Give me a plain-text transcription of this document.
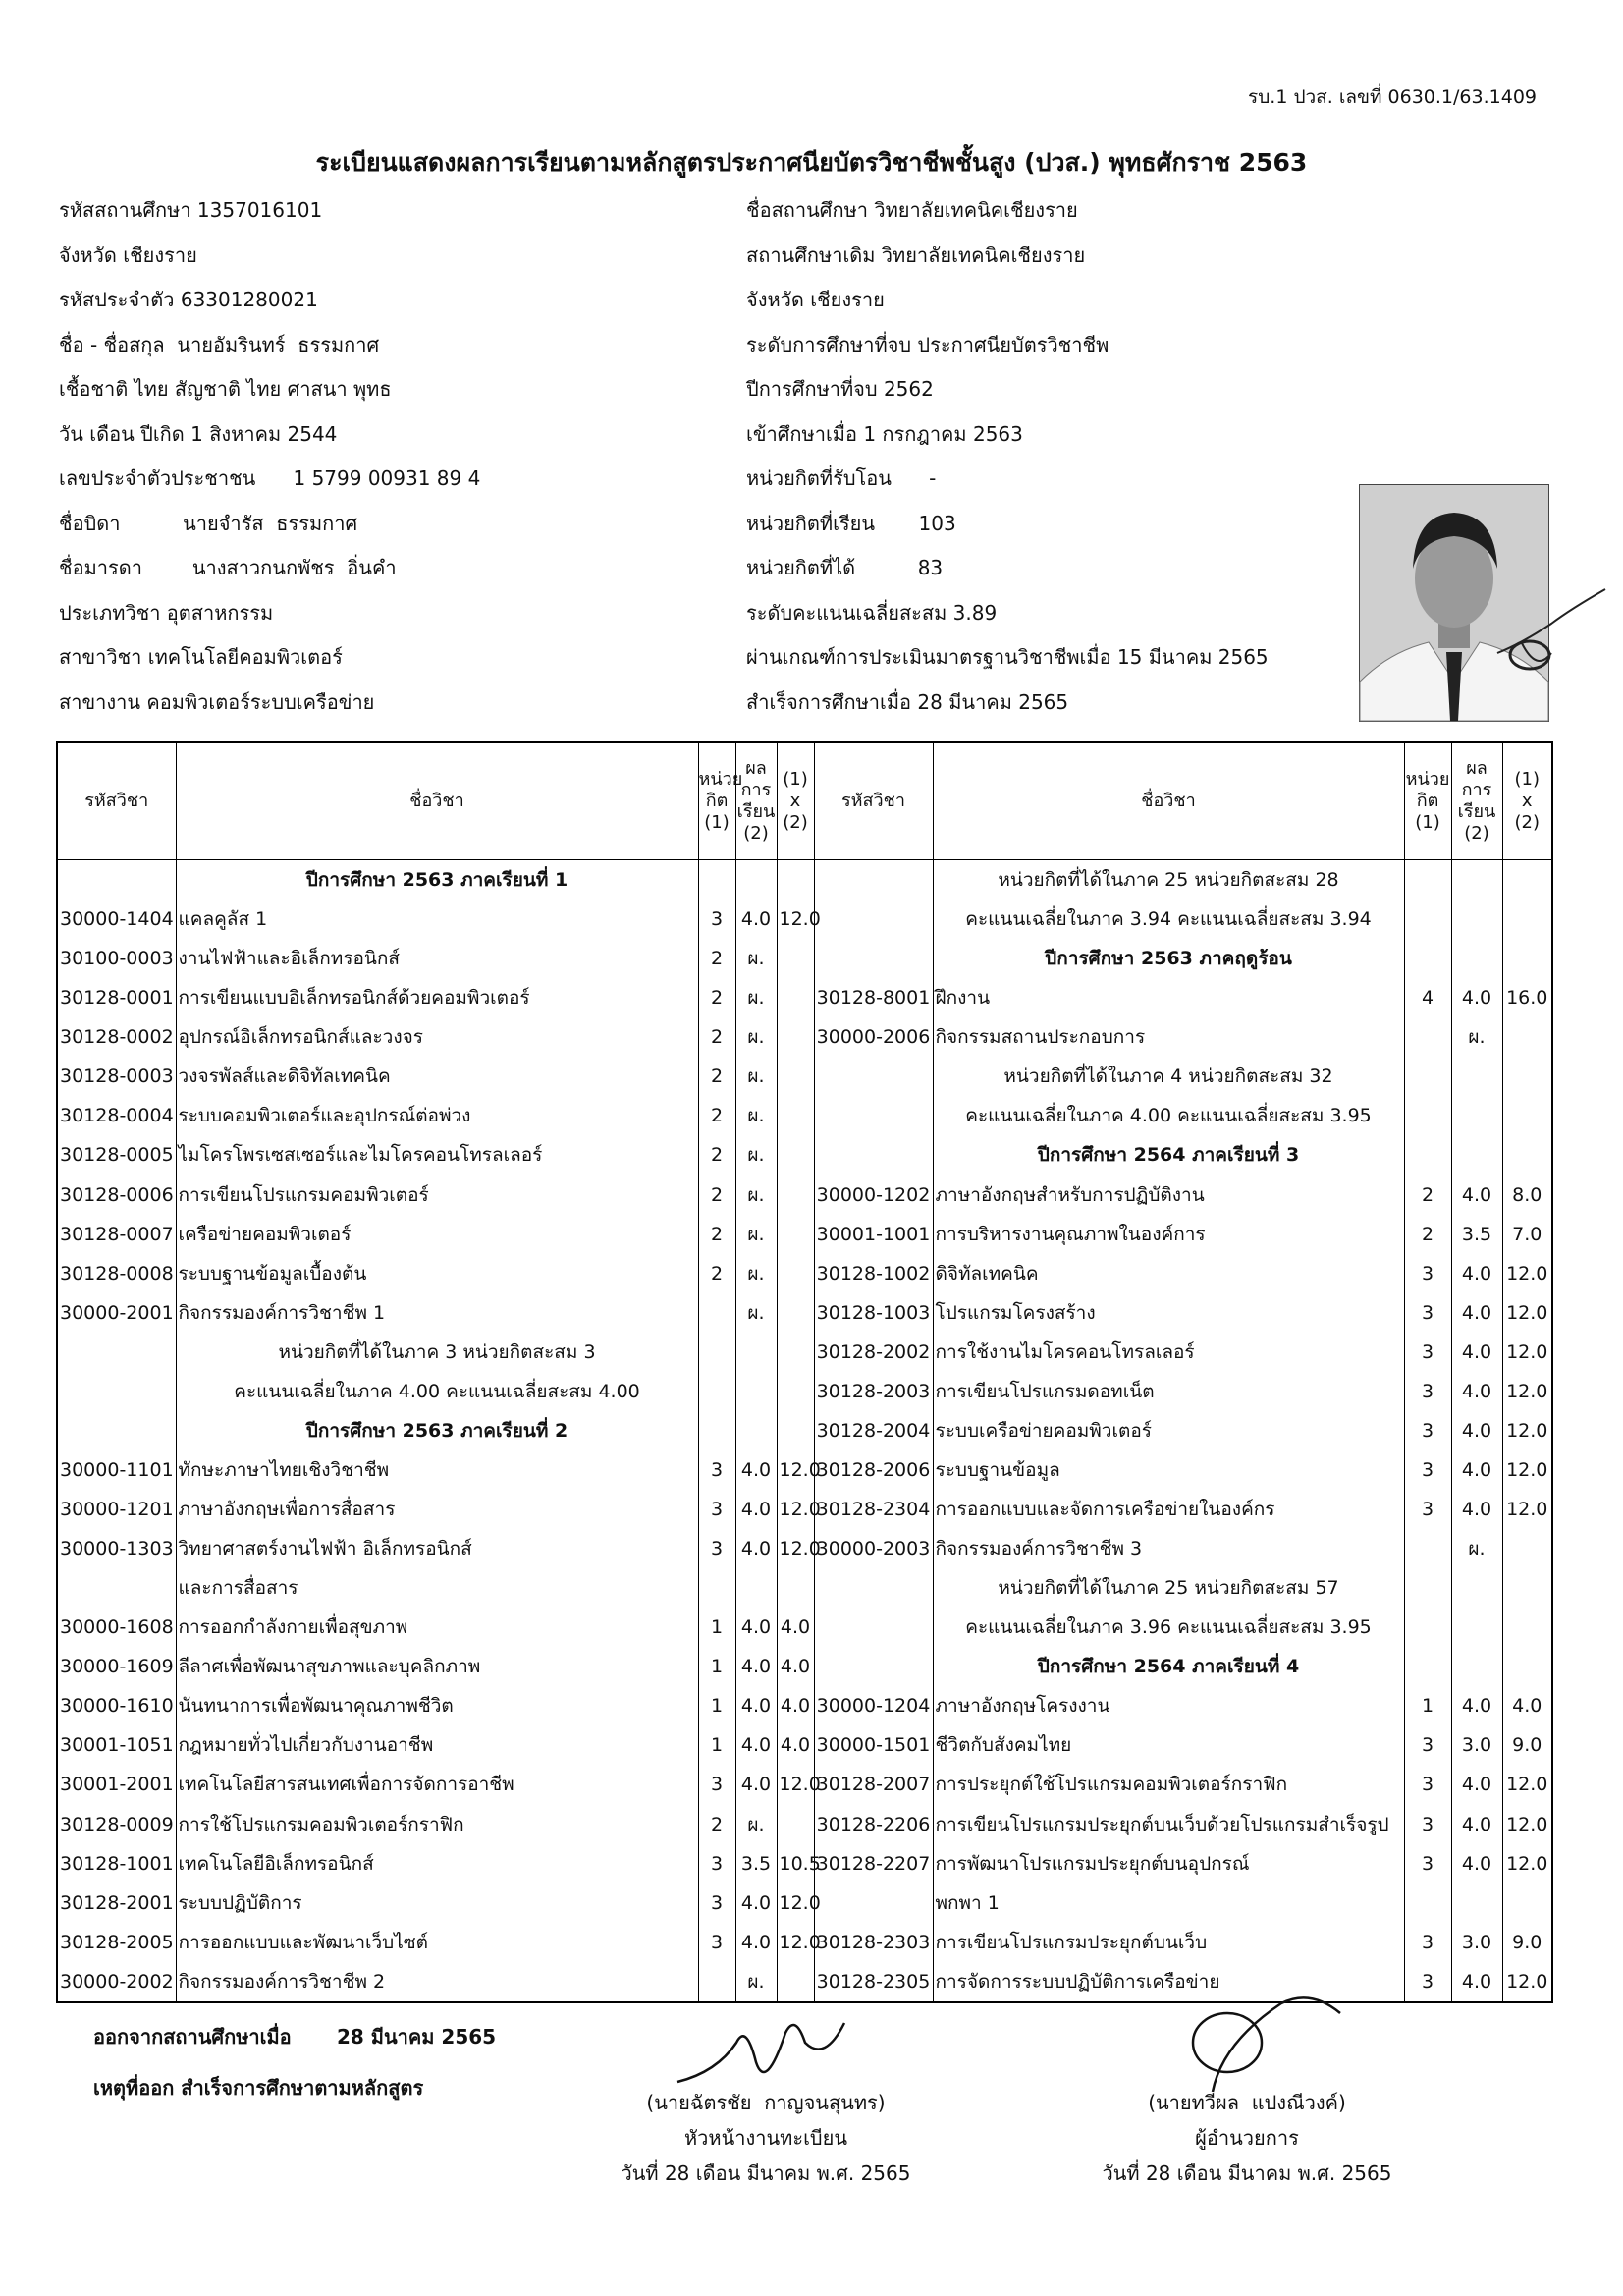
รบ.1 ปวส. เลขที่ 0630.1/63.1409
ระเบียนแสดงผลการเรียนตามหลักสูตรประกาศนียบัตรวิชาชีพชั้นสูง (ปวส.) พุทธศักราช 2563
รหัสสถานศึกษา 1357016101
จังหวัด เชียงราย
รหัสประจำตัว 63301280021
ชื่อ - ชื่อสกุล  นายอัมรินทร์  ธรรมกาศ
เชื้อชาติ ไทย สัญชาติ ไทย ศาสนา พุทธ
วัน เดือน ปีเกิด 1 สิงหาคม 2544
เลขประจำตัวประชาชน      1 5799 00931 89 4
ชื่อบิดา          นายจำรัส  ธรรมกาศ
ชื่อมารดา        นางสาวกนกพัชร  อิ่นคำ
ประเภทวิชา อุตสาหกรรม
สาขาวิชา เทคโนโลยีคอมพิวเตอร์
สาขางาน คอมพิวเตอร์ระบบเครือข่าย
ชื่อสถานศึกษา วิทยาลัยเทคนิคเชียงราย
สถานศึกษาเดิม วิทยาลัยเทคนิคเชียงราย
จังหวัด เชียงราย
ระดับการศึกษาที่จบ ประกาศนียบัตรวิชาชีพ
ปีการศึกษาที่จบ 2562
เข้าศึกษาเมื่อ 1 กรกฎาคม 2563
หน่วยกิตที่รับโอน      -
หน่วยกิตที่เรียน       103
หน่วยกิตที่ได้          83
ระดับคะแนนเฉลี่ยสะสม 3.89
ผ่านเกณฑ์การประเมินมาตรฐานวิชาชีพเมื่อ 15 มีนาคม 2565
สำเร็จการศึกษาเมื่อ 28 มีนาคม 2565
รหัสวิชา	ชื่อวิชา	หน่วย
กิต
(1)	ผล
การ
เรียน
(2)	(1)
x
(2)	รหัสวิชา	ชื่อวิชา	หน่วย
กิต
(1)	ผล
การ
เรียน
(2)	(1)
x
(2)
	ปีการศึกษา 2563 ภาคเรียนที่ 1					หน่วยกิตที่ได้ในภาค 25 หน่วยกิตสะสม 28			
30000-1404	แคลคูลัส 1	3	4.0	12.0		คะแนนเฉลี่ยในภาค 3.94 คะแนนเฉลี่ยสะสม 3.94			
30100-0003	งานไฟฟ้าและอิเล็กทรอนิกส์	2	ผ.			ปีการศึกษา 2563 ภาคฤดูร้อน			
30128-0001	การเขียนแบบอิเล็กทรอนิกส์ด้วยคอมพิวเตอร์	2	ผ.		30128-8001	ฝึกงาน	4	4.0	16.0
30128-0002	อุปกรณ์อิเล็กทรอนิกส์และวงจร	2	ผ.		30000-2006	กิจกรรมสถานประกอบการ		ผ.	
30128-0003	วงจรพัลส์และดิจิทัลเทคนิค	2	ผ.			หน่วยกิตที่ได้ในภาค 4 หน่วยกิตสะสม 32			
30128-0004	ระบบคอมพิวเตอร์และอุปกรณ์ต่อพ่วง	2	ผ.			คะแนนเฉลี่ยในภาค 4.00 คะแนนเฉลี่ยสะสม 3.95			
30128-0005	ไมโครโพรเซสเซอร์และไมโครคอนโทรลเลอร์	2	ผ.			ปีการศึกษา 2564 ภาคเรียนที่ 3			
30128-0006	การเขียนโปรแกรมคอมพิวเตอร์	2	ผ.		30000-1202	ภาษาอังกฤษสำหรับการปฏิบัติงาน	2	4.0	8.0
30128-0007	เครือข่ายคอมพิวเตอร์	2	ผ.		30001-1001	การบริหารงานคุณภาพในองค์การ	2	3.5	7.0
30128-0008	ระบบฐานข้อมูลเบื้องต้น	2	ผ.		30128-1002	ดิจิทัลเทคนิค	3	4.0	12.0
30000-2001	กิจกรรมองค์การวิชาชีพ 1		ผ.		30128-1003	โปรแกรมโครงสร้าง	3	4.0	12.0
	หน่วยกิตที่ได้ในภาค 3 หน่วยกิตสะสม 3				30128-2002	การใช้งานไมโครคอนโทรลเลอร์	3	4.0	12.0
	คะแนนเฉลี่ยในภาค 4.00 คะแนนเฉลี่ยสะสม 4.00				30128-2003	การเขียนโปรแกรมดอทเน็ต	3	4.0	12.0
	ปีการศึกษา 2563 ภาคเรียนที่ 2				30128-2004	ระบบเครือข่ายคอมพิวเตอร์	3	4.0	12.0
30000-1101	ทักษะภาษาไทยเชิงวิชาชีพ	3	4.0	12.0	30128-2006	ระบบฐานข้อมูล	3	4.0	12.0
30000-1201	ภาษาอังกฤษเพื่อการสื่อสาร	3	4.0	12.0	30128-2304	การออกแบบและจัดการเครือข่ายในองค์กร	3	4.0	12.0
30000-1303	วิทยาศาสตร์งานไฟฟ้า อิเล็กทรอนิกส์	3	4.0	12.0	30000-2003	กิจกรรมองค์การวิชาชีพ 3		ผ.	
	และการสื่อสาร					หน่วยกิตที่ได้ในภาค 25 หน่วยกิตสะสม 57			
30000-1608	การออกกำลังกายเพื่อสุขภาพ	1	4.0	4.0		คะแนนเฉลี่ยในภาค 3.96 คะแนนเฉลี่ยสะสม 3.95			
30000-1609	ลีลาศเพื่อพัฒนาสุขภาพและบุคลิกภาพ	1	4.0	4.0		ปีการศึกษา 2564 ภาคเรียนที่ 4			
30000-1610	นันทนาการเพื่อพัฒนาคุณภาพชีวิต	1	4.0	4.0	30000-1204	ภาษาอังกฤษโครงงาน	1	4.0	4.0
30001-1051	กฎหมายทั่วไปเกี่ยวกับงานอาชีพ	1	4.0	4.0	30000-1501	ชีวิตกับสังคมไทย	3	3.0	9.0
30001-2001	เทคโนโลยีสารสนเทศเพื่อการจัดการอาชีพ	3	4.0	12.0	30128-2007	การประยุกต์ใช้โปรแกรมคอมพิวเตอร์กราฟิก	3	4.0	12.0
30128-0009	การใช้โปรแกรมคอมพิวเตอร์กราฟิก	2	ผ.		30128-2206	การเขียนโปรแกรมประยุกต์บนเว็บด้วยโปรแกรมสำเร็จรูป	3	4.0	12.0
30128-1001	เทคโนโลยีอิเล็กทรอนิกส์	3	3.5	10.5	30128-2207	การพัฒนาโปรแกรมประยุกต์บนอุปกรณ์	3	4.0	12.0
30128-2001	ระบบปฏิบัติการ	3	4.0	12.0		พกพา 1			
30128-2005	การออกแบบและพัฒนาเว็บไซต์	3	4.0	12.0	30128-2303	การเขียนโปรแกรมประยุกต์บนเว็บ	3	3.0	9.0
30000-2002	กิจกรรมองค์การวิชาชีพ 2		ผ.		30128-2305	การจัดการระบบปฏิบัติการเครือข่าย	3	4.0	12.0
ออกจากสถานศึกษาเมื่อ 28 มีนาคม 2565
เหตุที่ออก สำเร็จการศึกษาตามหลักสูตร
(นายฉัตรชัย  กาญจนสุนทร)
หัวหน้างานทะเบียน
วันที่ 28 เดือน มีนาคม พ.ศ. 2565
(นายทวีผล  แปงณีวงค์)
ผู้อำนวยการ
วันที่ 28 เดือน มีนาคม พ.ศ. 2565
